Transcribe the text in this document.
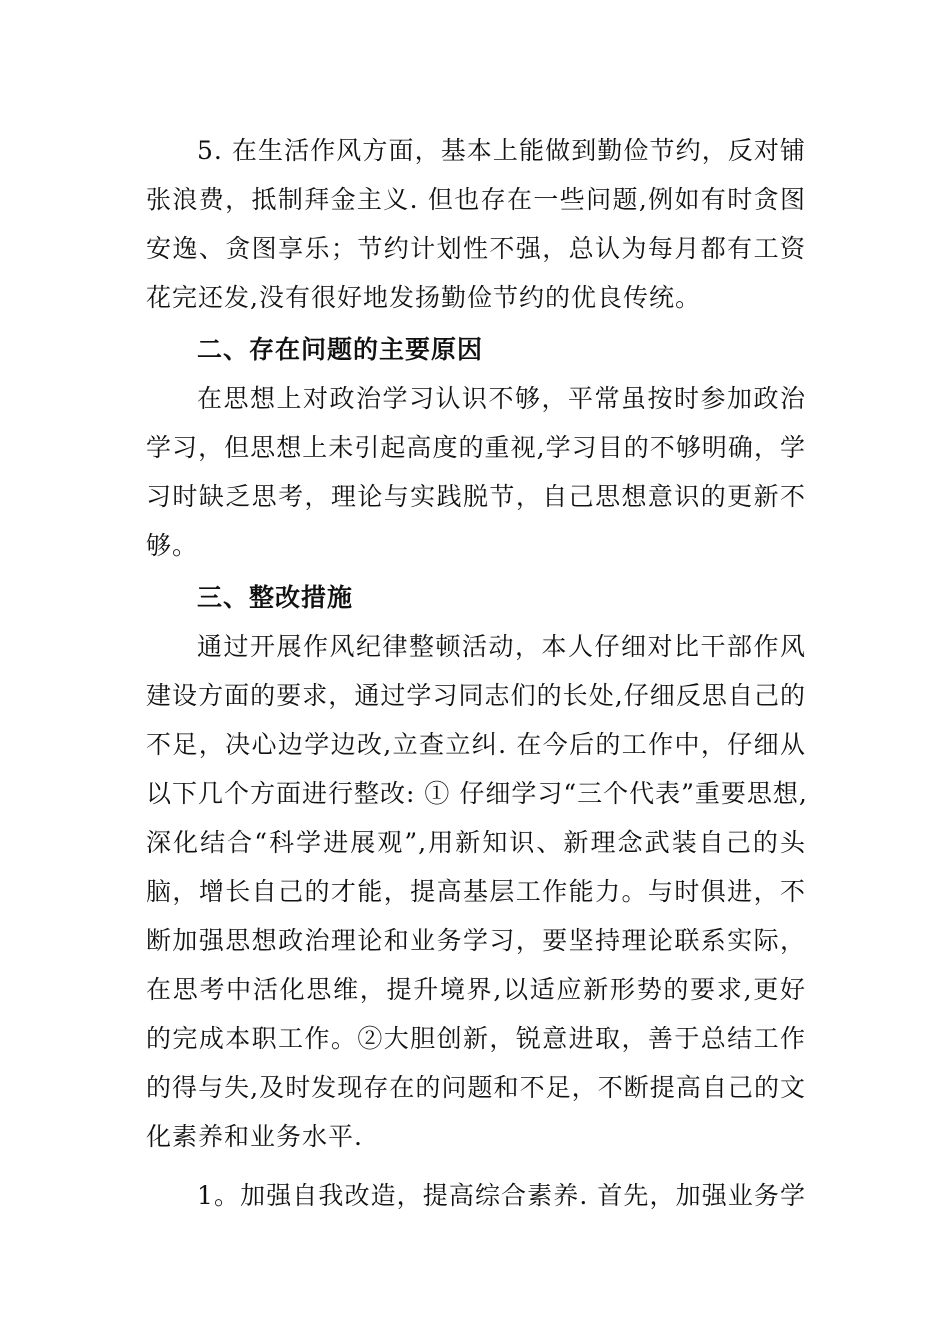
5. 在生活作风方面，基本上能做到勤俭节约，反对铺
张浪费，抵制拜金主义. 但也存在一些问题,例如有时贪图
安逸、贪图享乐；节约计划性不强，总认为每月都有工资
花完还发,没有很好地发扬勤俭节约的优良传统。
二、存在问题的主要原因
在思想上对政治学习认识不够，平常虽按时参加政治
学习，但思想上未引起高度的重视,学习目的不够明确，学
习时缺乏思考，理论与实践脱节，自己思想意识的更新不
够。
三、整改措施
通过开展作风纪律整顿活动，本人仔细对比干部作风
建设方面的要求，通过学习同志们的长处,仔细反思自己的
不足，决心边学边改,立查立纠. 在今后的工作中，仔细从
以下几个方面进行整改: ① 仔细学习“三个代表”重要思想,
深化结合“科学进展观”,用新知识、新理念武装自己的头
脑，增长自己的才能，提高基层工作能力。与时俱进，不
断加强思想政治理论和业务学习，要坚持理论联系实际，
在思考中活化思维，提升境界,以适应新形势的要求,更好
的完成本职工作。②大胆创新，锐意进取，善于总结工作
的得与失,及时发现存在的问题和不足，不断提高自己的文
化素养和业务水平.
1。加强自我改造，提高综合素养. 首先，加强业务学
